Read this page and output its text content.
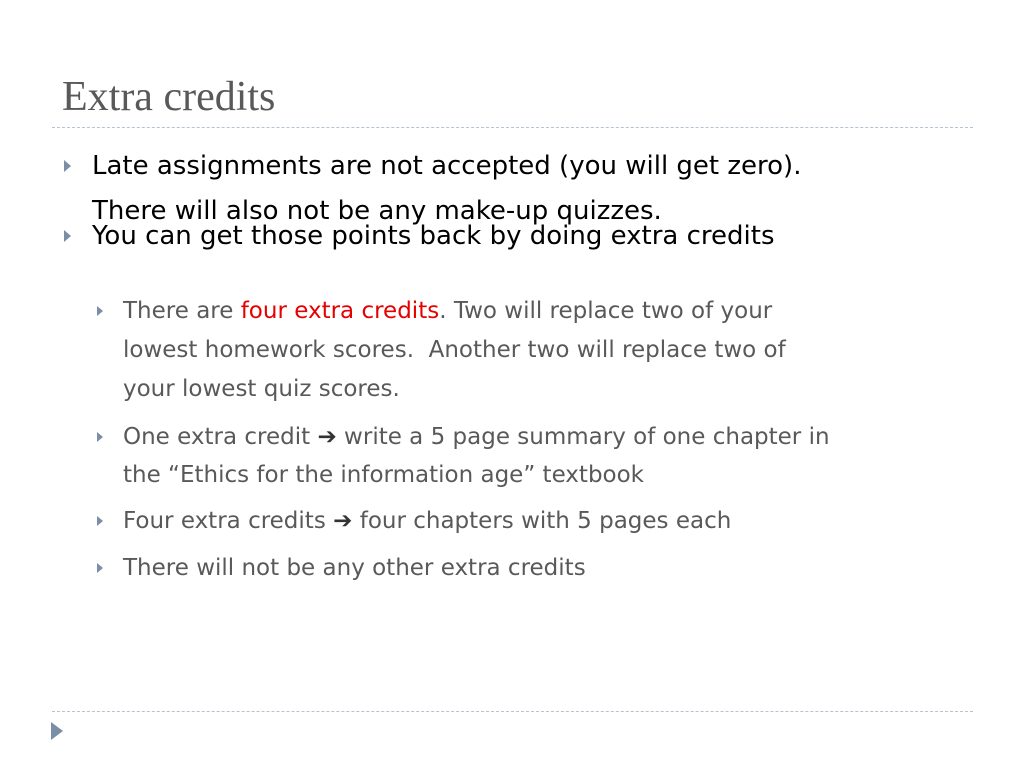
Extra credits
Late assignments are not accepted (you will get zero).
There will also not be any make-up quizzes.
You can get those points back by doing extra credits
There are four extra credits. Two will replace two of your
lowest homework scores.  Another two will replace two of
your lowest quiz scores.
One extra credit ➔ write a 5 page summary of one chapter in
the “Ethics for the information age” textbook
Four extra credits ➔ four chapters with 5 pages each
There will not be any other extra credits
